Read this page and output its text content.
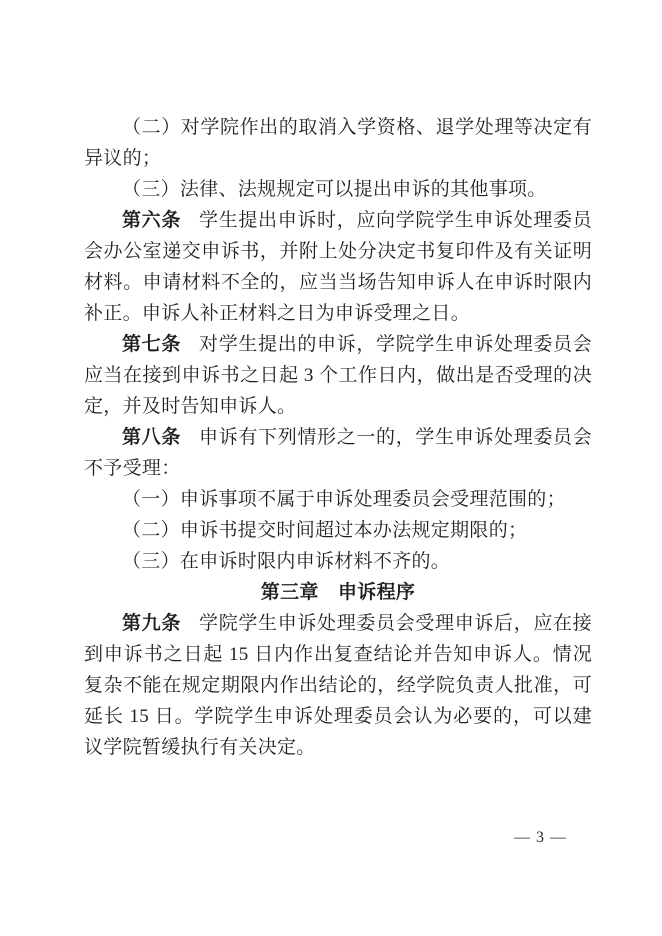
（二）对学院作出的取消入学资格、退学处理等决定有异议的；

（三）法律、法规规定可以提出申诉的其他事项。

第六条 学生提出申诉时，应向学院学生申诉处理委员会办公室递交申诉书，并附上处分决定书复印件及有关证明材料。申请材料不全的，应当当场告知申诉人在申诉时限内补正。申诉人补正材料之日为申诉受理之日。

第七条 对学生提出的申诉，学院学生申诉处理委员会应当在接到申诉书之日起 3 个工作日内，做出是否受理的决定，并及时告知申诉人。

第八条 申诉有下列情形之一的，学生申诉处理委员会不予受理：

（一）申诉事项不属于申诉处理委员会受理范围的；

（二）申诉书提交时间超过本办法规定期限的；

（三）在申诉时限内申诉材料不齐的。

第三章　申诉程序

第九条 学院学生申诉处理委员会受理申诉后，应在接到申诉书之日起 15 日内作出复查结论并告知申诉人。情况复杂不能在规定期限内作出结论的，经学院负责人批准，可延长 15 日。学院学生申诉处理委员会认为必要的，可以建议学院暂缓执行有关决定。

— 3 —
